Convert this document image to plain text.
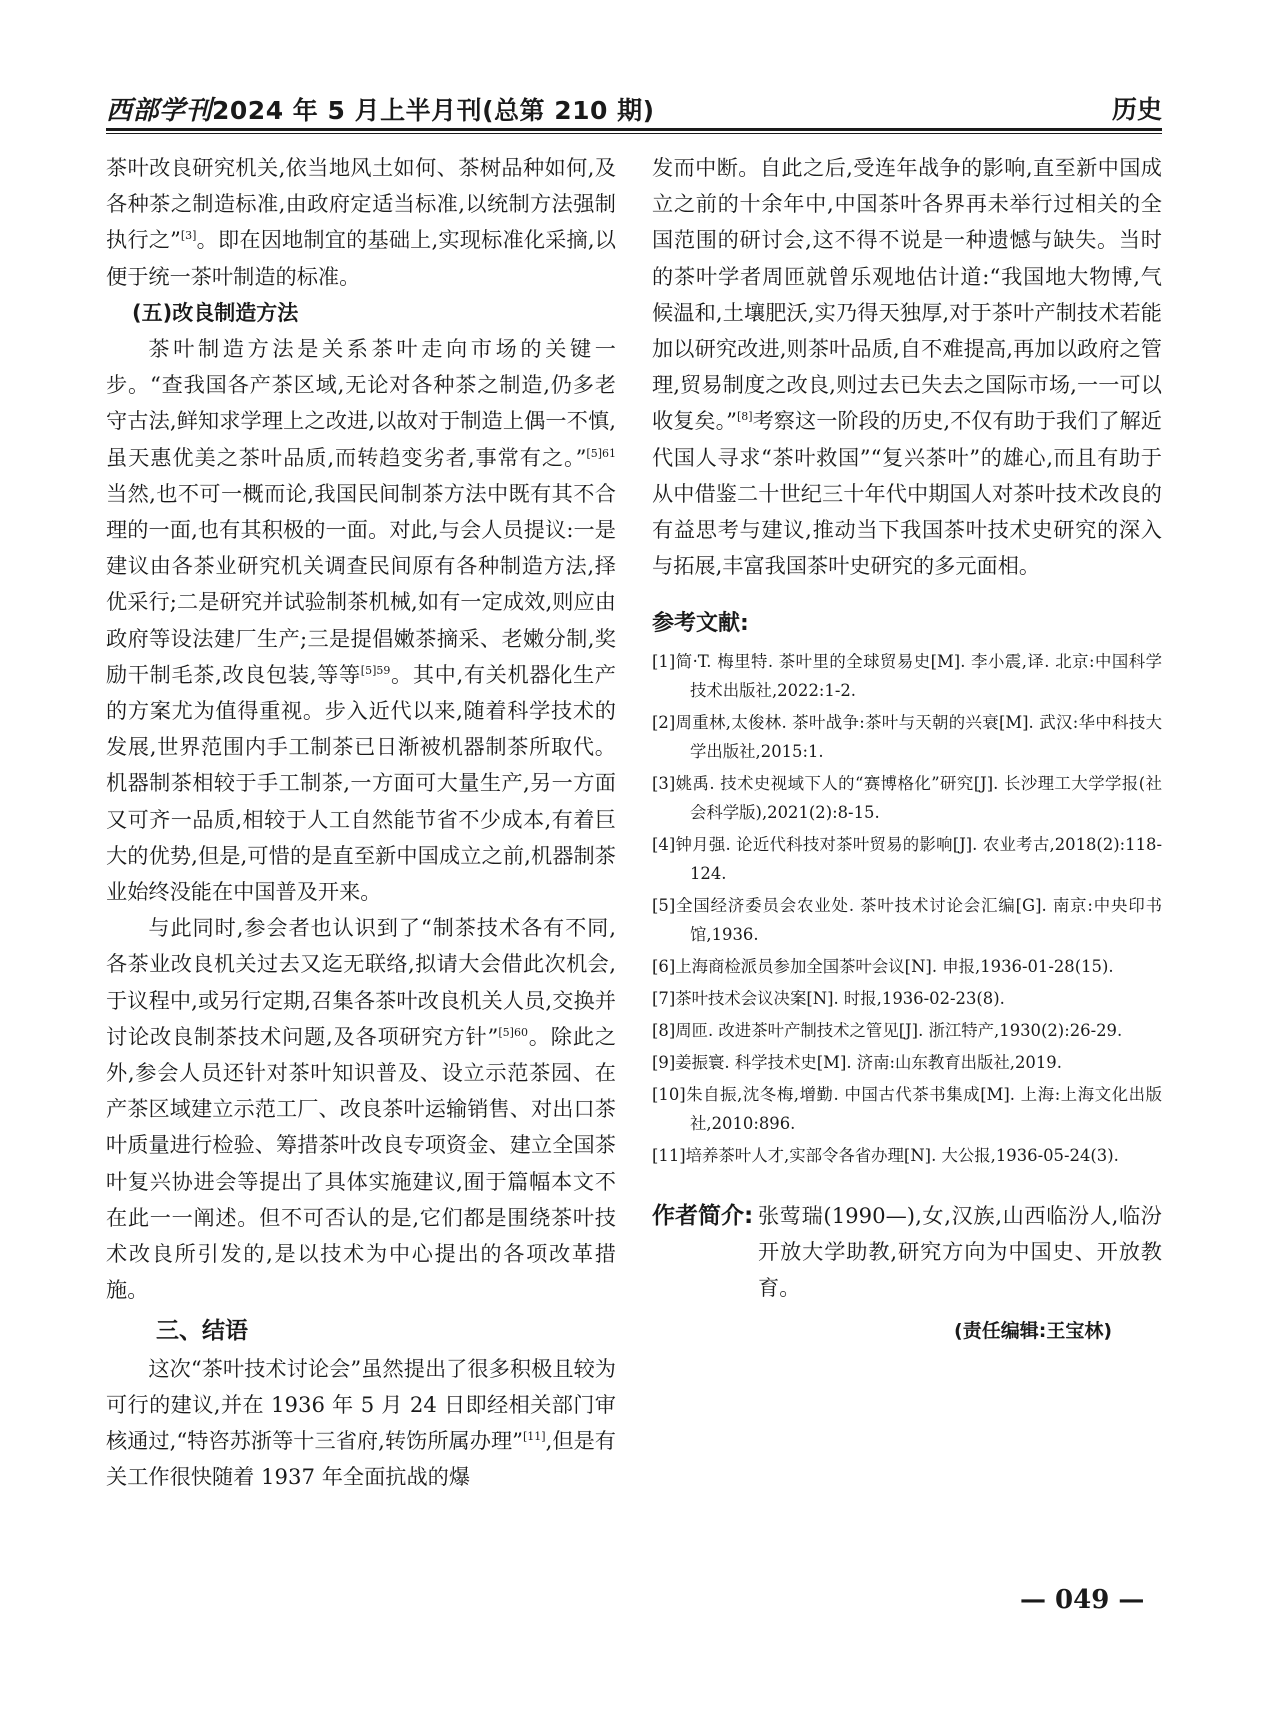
西部学刊2024 年 5 月上半月刊(总第 210 期)	历史

茶叶改良研究机关,依当地风土如何、茶树品种如何,及各种茶之制造标准,由政府定适当标准,以统制方法强制执行之”[3]。即在因地制宜的基础上,实现标准化采摘,以便于统一茶叶制造的标准。

(五)改良制造方法

茶叶制造方法是关系茶叶走向市场的关键一步。“查我国各产茶区域,无论对各种茶之制造,仍多老守古法,鲜知求学理上之改进,以故对于制造上偶一不慎,虽天惠优美之茶叶品质,而转趋变劣者,事常有之。”$^{[5]61}$ 当然,也不可一概而论,我国民间制茶方法中既有其不合理的一面,也有其积极的一面。对此,与会人员提议:一是建议由各茶业研究机关调查民间原有各种制造方法,择优采行;二是研究并试验制茶机械,如有一定成效,则应由政府等设法建厂生产;三是提倡嫩茶摘采、老嫩分制,奖励干制毛茶,改良包装,等等$^{[5]59}$。其中,有关机器化生产的方案尤为值得重视。步入近代以来,随着科学技术的发展,世界范围内手工制茶已日渐被机器制茶所取代。机器制茶相较于手工制茶,一方面可大量生产,另一方面又可齐一品质,相较于人工自然能节省不少成本,有着巨大的优势,但是,可惜的是直至新中国成立之前,机器制茶业始终没能在中国普及开来。

与此同时,参会者也认识到了“制茶技术各有不同,各茶业改良机关过去又迄无联络,拟请大会借此次机会,于议程中,或另行定期,召集各茶叶改良机关人员,交换并讨论改良制茶技术问题,及各项研究方针”$^{[5]60}$。除此之外,参会人员还针对茶叶知识普及、设立示范茶园、在产茶区域建立示范工厂、改良茶叶运输销售、对出口茶叶质量进行检验、筹措茶叶改良专项资金、建立全国茶叶复兴协进会等提出了具体实施建议,囿于篇幅本文不在此一一阐述。但不可否认的是,它们都是围绕茶叶技术改良所引发的,是以技术为中心提出的各项改革措施。

三、结语

这次“茶叶技术讨论会”虽然提出了很多积极且较为可行的建议,并在 1936 年 5 月 24 日即经相关部门审核通过,“特咨苏浙等十三省府,转饬所属办理”[11],但是有关工作很快随着 1937 年全面抗战的爆

发而中断。自此之后,受连年战争的影响,直至新中国成立之前的十余年中,中国茶叶各界再未举行过相关的全国范围的研讨会,这不得不说是一种遗憾与缺失。当时的茶叶学者周匝就曾乐观地估计道:“我国地大物博,气候温和,土壤肥沃,实乃得天独厚,对于茶叶产制技术若能加以研究改进,则茶叶品质,自不难提高,再加以政府之管理,贸易制度之改良,则过去已失去之国际市场,一一可以收复矣。”[8]考察这一阶段的历史,不仅有助于我们了解近代国人寻求“茶叶救国”“复兴茶叶”的雄心,而且有助于从中借鉴二十世纪三十年代中期国人对茶叶技术改良的有益思考与建议,推动当下我国茶叶技术史研究的深入与拓展,丰富我国茶叶史研究的多元面相。

参考文献:
[1]简·T. 梅里特. 茶叶里的全球贸易史[M]. 李小震,译. 北京:中国科学技术出版社,2022:1-2.
[2]周重林,太俊林. 茶叶战争:茶叶与天朝的兴衰[M]. 武汉:华中科技大学出版社,2015:1.
[3]姚禹. 技术史视域下人的“赛博格化”研究[J]. 长沙理工大学学报(社会科学版),2021(2):8-15.
[4]钟月强. 论近代科技对茶叶贸易的影响[J]. 农业考古,2018(2):118-124.
[5]全国经济委员会农业处. 茶叶技术讨论会汇编[G]. 南京:中央印书馆,1936.
[6]上海商检派员参加全国茶叶会议[N]. 申报,1936-01-28(15).
[7]茶叶技术会议决案[N]. 时报,1936-02-23(8).
[8]周匝. 改进茶叶产制技术之管见[J]. 浙江特产,1930(2):26-29.
[9]姜振寰. 科学技术史[M]. 济南:山东教育出版社,2019.
[10]朱自振,沈冬梅,增勤. 中国古代茶书集成[M]. 上海:上海文化出版社,2010:896.
[11]培养茶叶人才,实部令各省办理[N]. 大公报,1936-05-24(3).
作者简介: 张莺瑞(1990—),女,汉族,山西临汾人,临汾开放大学助教,研究方向为中国史、开放教育。
(责任编辑:王宝林)
— 049 —
